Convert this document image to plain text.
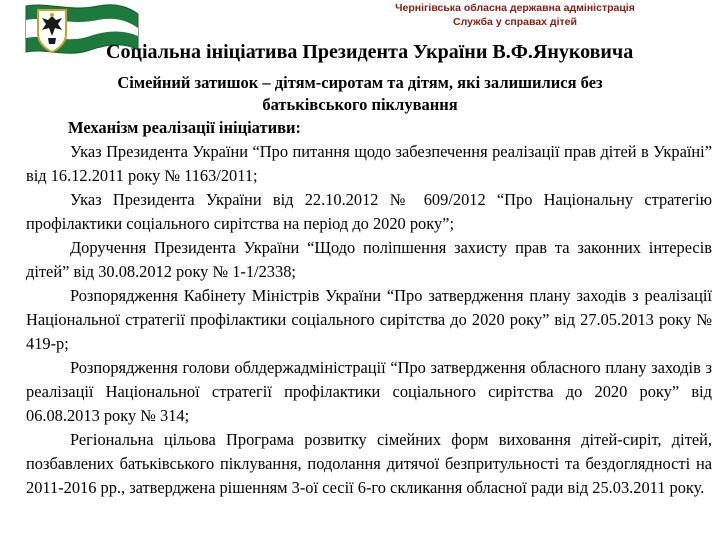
Чернігівська обласна державна адміністрація
Служба у справах дітей
Соціальна ініціатива Президента України В.Ф.Януковича
Сімейний затишок – дітям-сиротам та дітям, які залишилися без
батьківського піклування
Механізм реалізації ініціативи:

Указ Президента України “Про питання щодо забезпечення реалізації прав дітей в Україні” від 16.12.2011 року № 1163/2011;

Указ Президента України від 22.10.2012 № 609/2012 “Про Національну стратегію профілактики соціального сирітства на період до 2020 року”;

Доручення Президента України “Щодо поліпшення захисту прав та законних інтересів дітей” від 30.08.2012 року № 1-1/2338;

Розпорядження Кабінету Міністрів України “Про затвердження плану заходів з реалізації Національної стратегії профілактики соціального сирітства до 2020 року” від 27.05.2013 року № 419-р;

Розпорядження голови облдержадміністрації “Про затвердження обласного плану заходів з реалізації Національної стратегії профілактики соціального сирітства до 2020 року” від 06.08.2013 року № 314;

Регіональна цільова Програма розвитку сімейних форм виховання дітей-сиріт, дітей, позбавлених батьківського піклування, подолання дитячої безпритульності та бездоглядності на 2011-2016 рр., затверджена рішенням 3-ої сесії 6-го скликання обласної ради від 25.03.2011 року.
